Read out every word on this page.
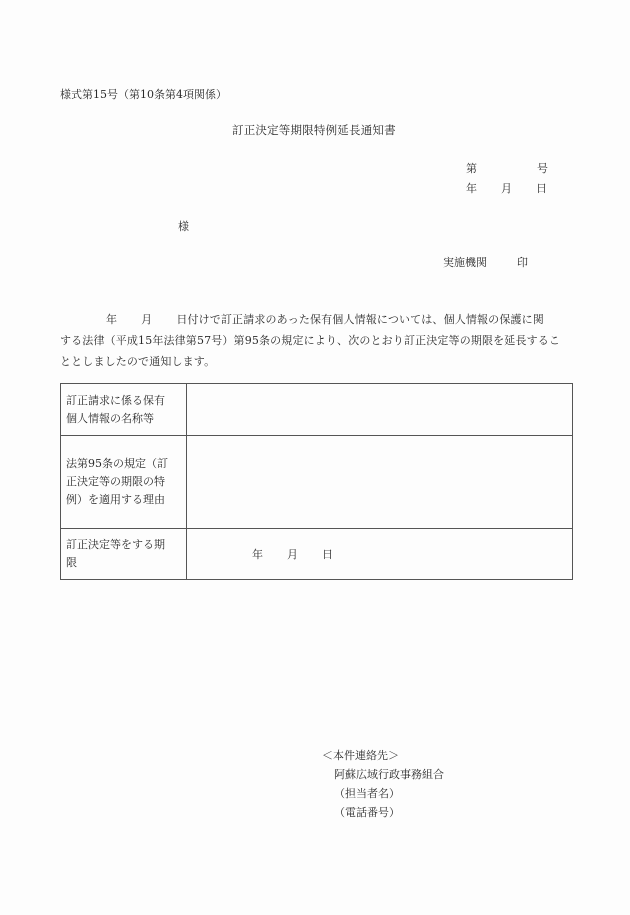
様式第15号（第10条第4項関係）
訂正決定等期限特例延長通知書
第	号
年 月 日
様
実施機関	印
年 月 日付けで訂正請求のあった保有個人情報については、個人情報の保護に関
する法律（平成15年法律第57号）第95条の規定により、次のとおり訂正決定等の期限を延長するこ
ととしましたので通知します。
訂正請求に係る保有
個人情報の名称等	

法第95条の規定（訂
正決定等の期限の特
例）を適用する理由	

訂正決定等をする期
限	年 月 日
＜本件連絡先＞
阿蘇広域行政事務組合
（担当者名）
（電話番号）
